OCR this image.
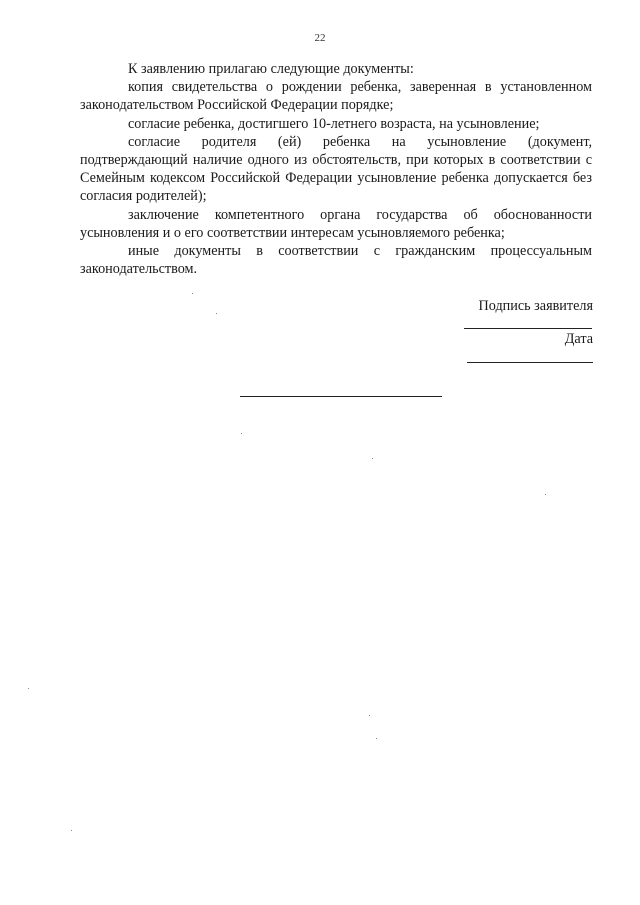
22

К заявлению прилагаю следующие документы:

копия свидетельства о рождении ребенка, заверенная в установленном законодательством Российской Федерации порядке;

согласие ребенка, достигшего 10-летнего возраста, на усыновление;

согласие родителя (ей) ребенка на усыновление (документ, подтверждающий наличие одного из обстоятельств, при которых в соответствии с Семейным кодексом Российской Федерации усыновление ребенка допускается без согласия родителей);

заключение компетентного органа государства об обоснованности усыновления и о его соответствии интересам усыновляемого ребенка;

иные документы в соответствии с гражданским процессуальным законодательством.

Подпись заявителя
Дата
